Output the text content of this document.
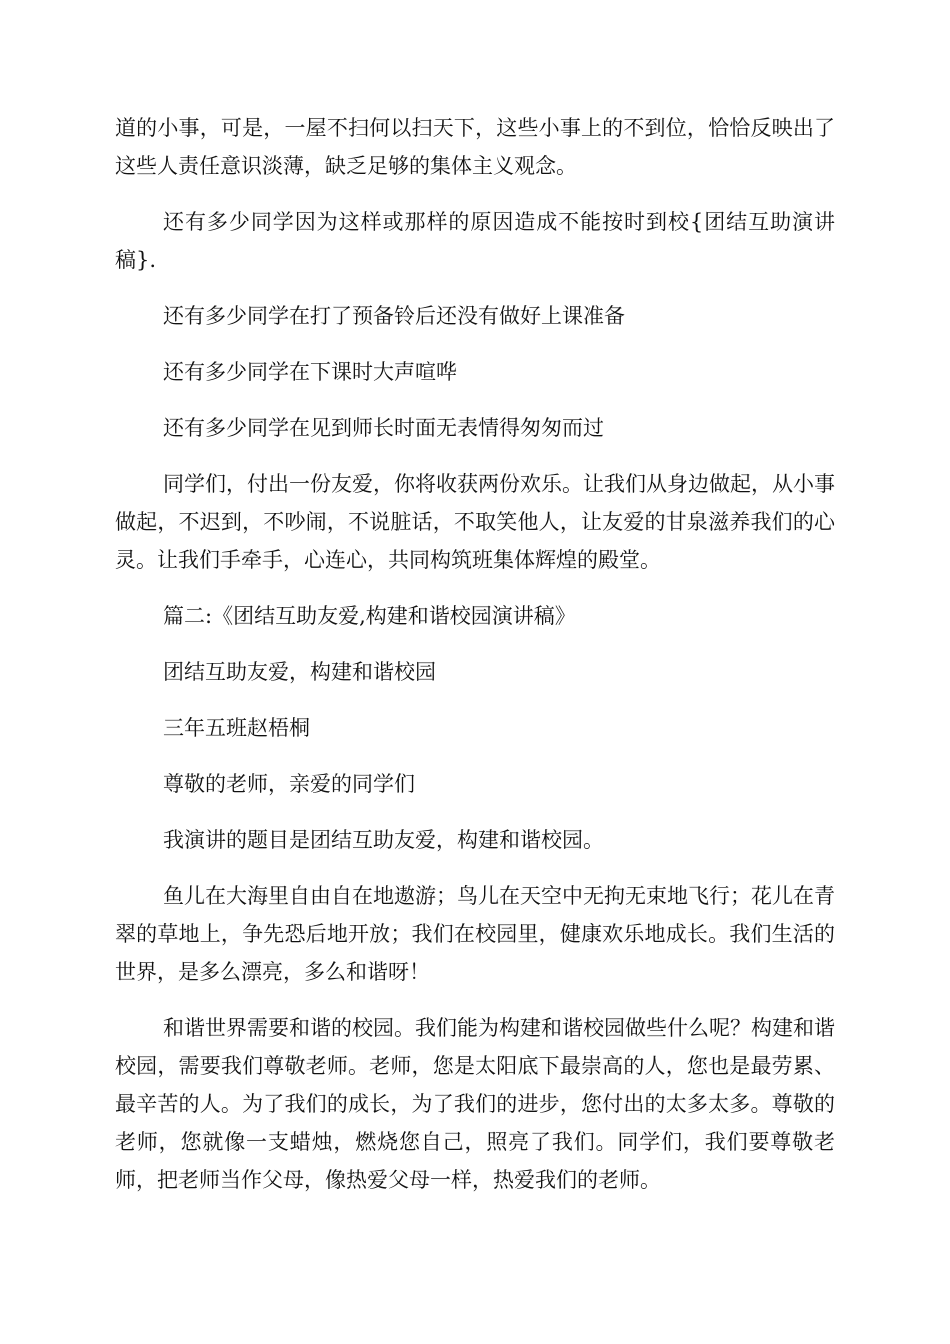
道的小事，可是，一屋不扫何以扫天下，这些小事上的不到位，恰恰反映出了这些人责任意识淡薄，缺乏足够的集体主义观念。

还有多少同学因为这样或那样的原因造成不能按时到校{团结互助演讲稿}.

还有多少同学在打了预备铃后还没有做好上课准备

还有多少同学在下课时大声喧哗

还有多少同学在见到师长时面无表情得匆匆而过

同学们，付出一份友爱，你将收获两份欢乐。让我们从身边做起，从小事做起，不迟到，不吵闹，不说脏话，不取笑他人，让友爱的甘泉滋养我们的心灵。让我们手牵手，心连心，共同构筑班集体辉煌的殿堂。

篇二:《团结互助友爱,构建和谐校园演讲稿》

团结互助友爱，构建和谐校园

三年五班赵梧桐

尊敬的老师，亲爱的同学们

我演讲的题目是团结互助友爱，构建和谐校园。

鱼儿在大海里自由自在地遨游；鸟儿在天空中无拘无束地飞行；花儿在青翠的草地上，争先恐后地开放；我们在校园里，健康欢乐地成长。我们生活的世界，是多么漂亮，多么和谐呀！

和谐世界需要和谐的校园。我们能为构建和谐校园做些什么呢？构建和谐校园，需要我们尊敬老师。老师，您是太阳底下最崇高的人，您也是最劳累、最辛苦的人。为了我们的成长，为了我们的进步，您付出的太多太多。尊敬的老师，您就像一支蜡烛，燃烧您自己，照亮了我们。同学们，我们要尊敬老师，把老师当作父母，像热爱父母一样，热爱我们的老师。
